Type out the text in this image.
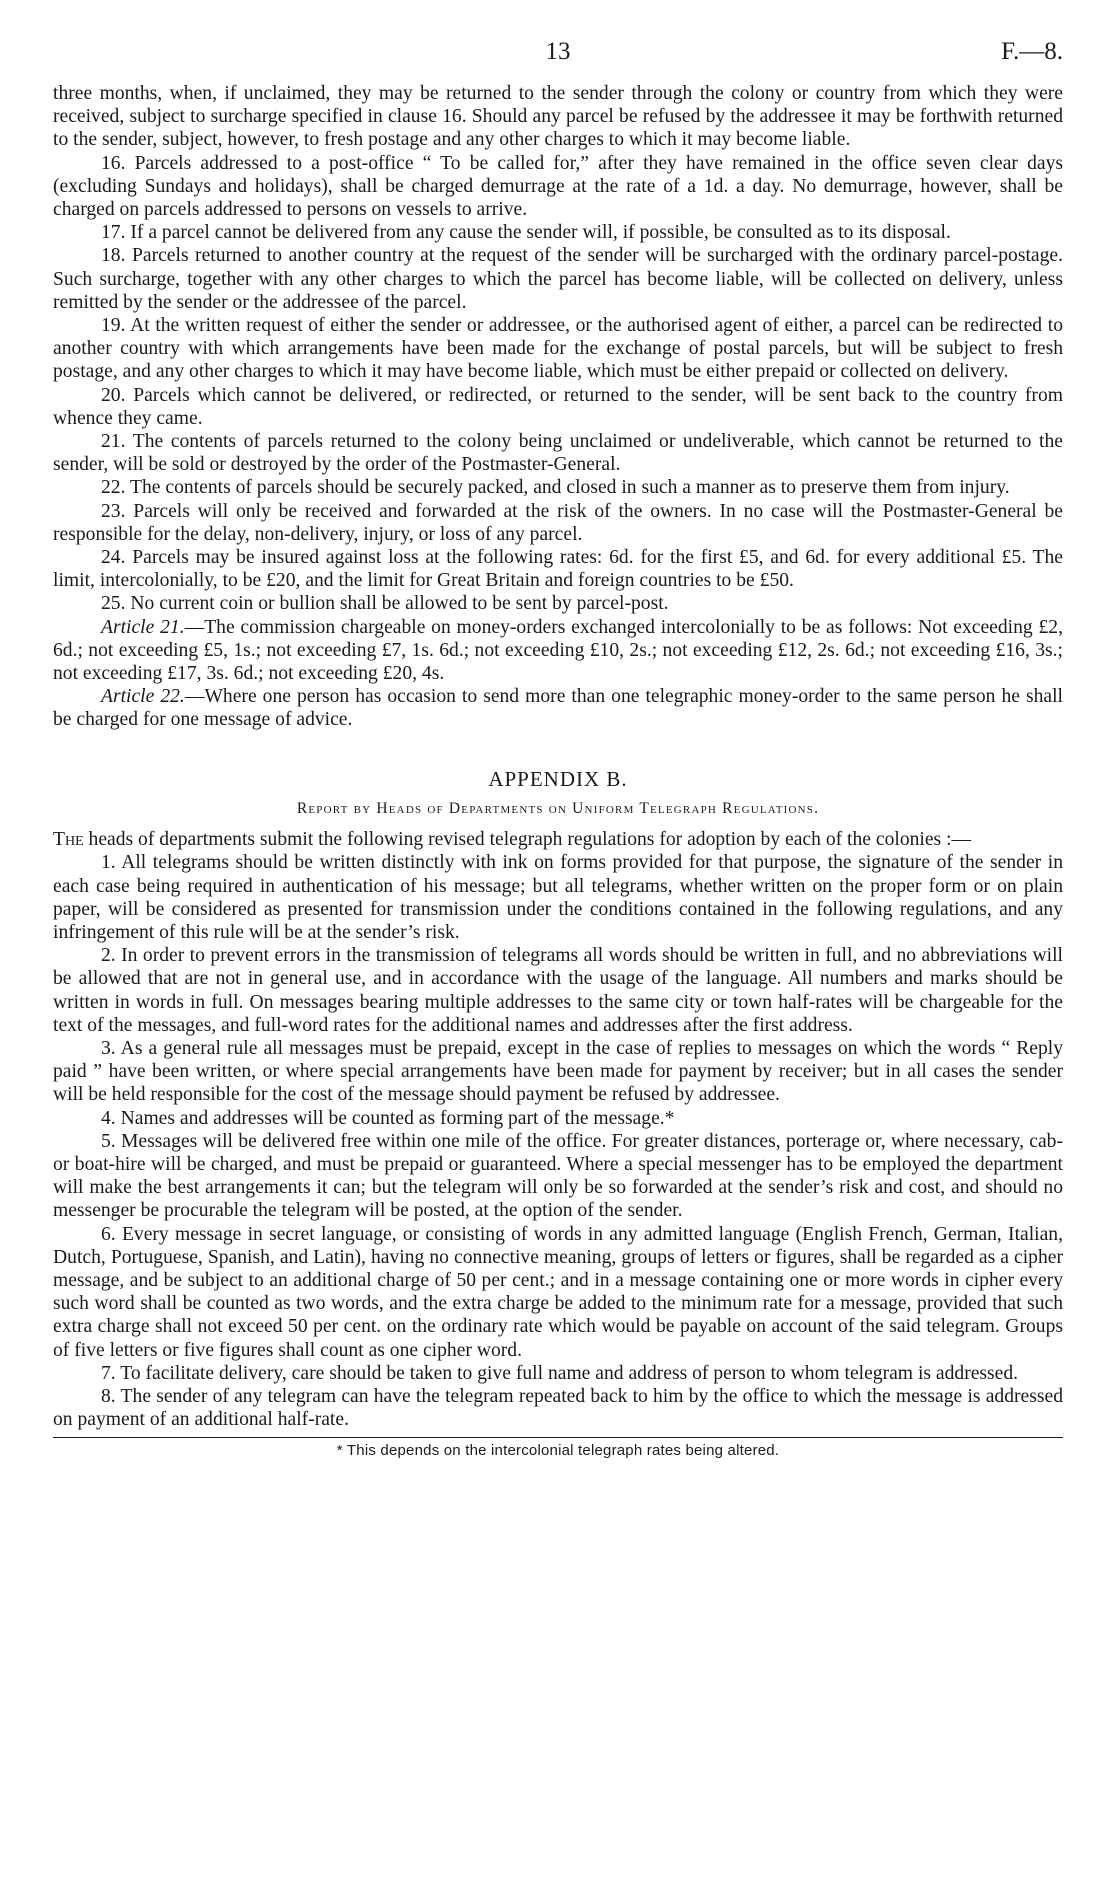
13	F.—8.

three months, when, if unclaimed, they may be returned to the sender through the colony or country from which they were received, subject to surcharge specified in clause 16. Should any parcel be refused by the addressee it may be forthwith returned to the sender, subject, however, to fresh postage and any other charges to which it may become liable.

16. Parcels addressed to a post-office “ To be called for,” after they have remained in the office seven clear days (excluding Sundays and holidays), shall be charged demurrage at the rate of a 1d. a day. No demurrage, however, shall be charged on parcels addressed to persons on vessels to arrive.

17. If a parcel cannot be delivered from any cause the sender will, if possible, be consulted as to its disposal.

18. Parcels returned to another country at the request of the sender will be surcharged with the ordinary parcel-postage. Such surcharge, together with any other charges to which the parcel has become liable, will be collected on delivery, unless remitted by the sender or the addressee of the parcel.

19. At the written request of either the sender or addressee, or the authorised agent of either, a parcel can be redirected to another country with which arrangements have been made for the exchange of postal parcels, but will be subject to fresh postage, and any other charges to which it may have become liable, which must be either prepaid or collected on delivery.

20. Parcels which cannot be delivered, or redirected, or returned to the sender, will be sent back to the country from whence they came.

21. The contents of parcels returned to the colony being unclaimed or undeliverable, which cannot be returned to the sender, will be sold or destroyed by the order of the Postmaster-General.

22. The contents of parcels should be securely packed, and closed in such a manner as to preserve them from injury.

23. Parcels will only be received and forwarded at the risk of the owners. In no case will the Postmaster-General be responsible for the delay, non-delivery, injury, or loss of any parcel.

24. Parcels may be insured against loss at the following rates: 6d. for the first £5, and 6d. for every additional £5. The limit, intercolonially, to be £20, and the limit for Great Britain and foreign countries to be £50.

25. No current coin or bullion shall be allowed to be sent by parcel-post.

Article 21.—The commission chargeable on money-orders exchanged intercolonially to be as follows: Not exceeding £2, 6d.; not exceeding £5, 1s.; not exceeding £7, 1s. 6d.; not exceeding £10, 2s.; not exceeding £12, 2s. 6d.; not exceeding £16, 3s.; not exceeding £17, 3s. 6d.; not exceeding £20, 4s.

Article 22.—Where one person has occasion to send more than one telegraphic money-order to the same person he shall be charged for one message of advice.

APPENDIX B.
Report by Heads of Departments on Uniform Telegraph Regulations.

The heads of departments submit the following revised telegraph regulations for adoption by each of the colonies :—

1. All telegrams should be written distinctly with ink on forms provided for that purpose, the signature of the sender in each case being required in authentication of his message; but all telegrams, whether written on the proper form or on plain paper, will be considered as presented for transmission under the conditions contained in the following regulations, and any infringement of this rule will be at the sender’s risk.

2. In order to prevent errors in the transmission of telegrams all words should be written in full, and no abbreviations will be allowed that are not in general use, and in accordance with the usage of the language. All numbers and marks should be written in words in full. On messages bearing multiple addresses to the same city or town half-rates will be chargeable for the text of the messages, and full-word rates for the additional names and addresses after the first address.

3. As a general rule all messages must be prepaid, except in the case of replies to messages on which the words “ Reply paid ” have been written, or where special arrangements have been made for payment by receiver; but in all cases the sender will be held responsible for the cost of the message should payment be refused by addressee.

4. Names and addresses will be counted as forming part of the message.*

5. Messages will be delivered free within one mile of the office. For greater distances, porterage or, where necessary, cab- or boat-hire will be charged, and must be prepaid or guaranteed. Where a special messenger has to be employed the department will make the best arrangements it can; but the telegram will only be so forwarded at the sender’s risk and cost, and should no messenger be procurable the telegram will be posted, at the option of the sender.

6. Every message in secret language, or consisting of words in any admitted language (English French, German, Italian, Dutch, Portuguese, Spanish, and Latin), having no connective meaning, groups of letters or figures, shall be regarded as a cipher message, and be subject to an additional charge of 50 per cent.; and in a message containing one or more words in cipher every such word shall be counted as two words, and the extra charge be added to the minimum rate for a message, provided that such extra charge shall not exceed 50 per cent. on the ordinary rate which would be payable on account of the said telegram. Groups of five letters or five figures shall count as one cipher word.

7. To facilitate delivery, care should be taken to give full name and address of person to whom telegram is addressed.

8. The sender of any telegram can have the telegram repeated back to him by the office to which the message is addressed on payment of an additional half-rate.

* This depends on the intercolonial telegraph rates being altered.
